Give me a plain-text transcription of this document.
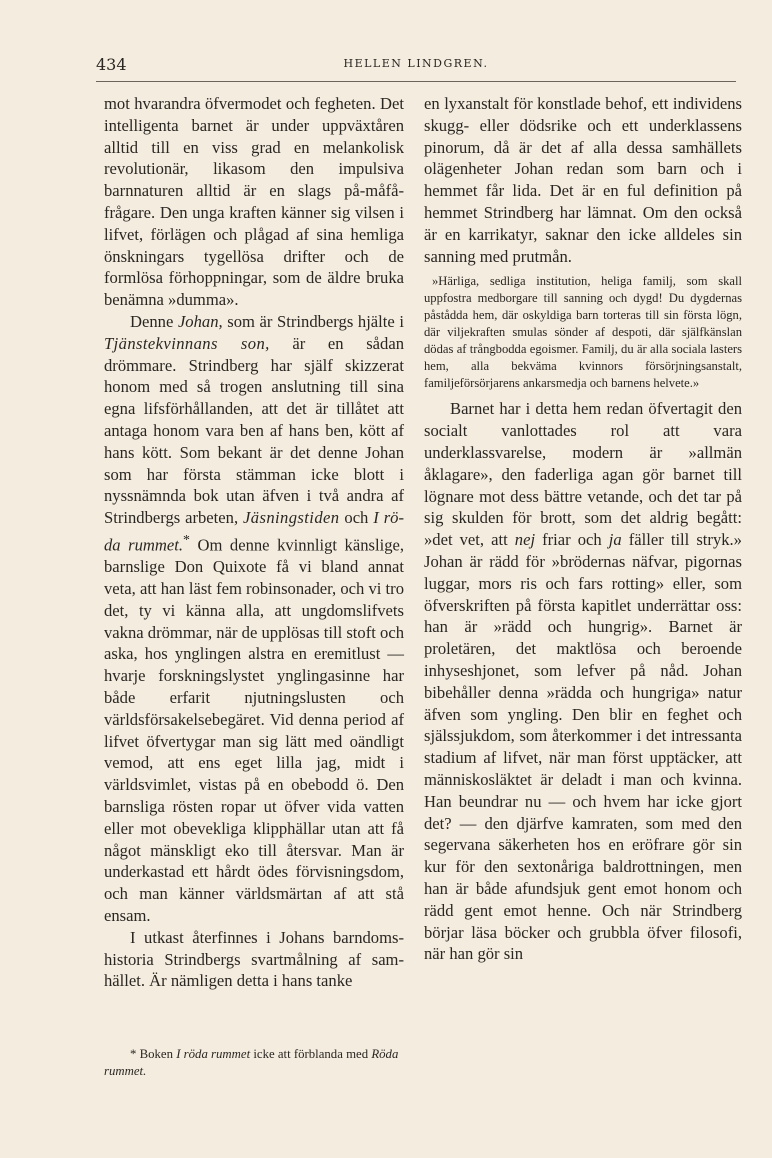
434	HELLEN LINDGREN.

mot hvarandra öfvermodet och fegheten. Det intelligenta barnet är under uppväxtåren alltid till en viss grad en melankolisk revolutionär, likasom den impulsiva barnnaturen alltid är en slags på-måfå-frågare. Den unga kraften känner sig vilsen i lifvet, förlägen och plågad af sina hemliga önskningars tygellösa drifter och de formlösa förhoppningar, som de äldre bruka benämna »dumma».

Denne Johan, som är Strindbergs hjälte i Tjänstekvinnans son, är en sådan drömmare. Strindberg har själf skizzerat honom med så trogen anslutning till sina egna lifsförhållanden, att det är tillåtet att antaga honom vara ben af hans ben, kött af hans kött. Som bekant är det denne Johan som har första stämman icke blott i nyssnämnda bok utan äfven i två andra af Strindbergs arbeten, Jäsningstiden och I röda rummet.* Om denne kvinnligt känslige, barnslige Don Quixote få vi bland annat veta, att han läst fem robinsonader, och vi tro det, ty vi känna alla, att ungdomslifvets vakna drömmar, när de upplösas till stoft och aska, hos ynglingen alstra en eremitlust — hvarje forskningslystet ynglingasinne har både erfarit njutningslusten och världsförsakelsebegäret. Vid denna period af lifvet öfvertygar man sig lätt med oändligt vemod, att ens eget lilla jag, midt i världsvimlet, vistas på en obebodd ö. Den barnsliga rösten ropar ut öfver vida vatten eller mot obevekliga klipphällar utan att få något mänskligt eko till återsvar. Man är underkastad ett hårdt ödes förvisningsdom, och man känner världsmärtan af att stå ensam.

I utkast återfinnes i Johans barndomshistoria Strindbergs svartmålning af samhället. Är nämligen detta i hans tanke

* Boken I röda rummet icke att förblanda med Röda rummet.

en lyxanstalt för konstlade behof, ett individens skugg- eller dödsrike och ett underklassens pinorum, då är det af alla dessa samhällets olägenheter Johan redan som barn och i hemmet får lida. Det är en ful definition på hemmet Strindberg har lämnat. Om den också är en karrikatyr, saknar den icke alldeles sin sanning med prutmån.

»Härliga, sedliga institution, heliga familj, som skall uppfostra medborgare till sanning och dygd! Du dygdernas påstådda hem, där oskyldiga barn torteras till sin första lögn, där viljekraften smulas sönder af despoti, där själfkänslan dödas af trångbodda egoismer. Familj, du är alla sociala lasters hem, alla bekväma kvinnors försörjningsanstalt, familjeförsörjarens ankarsmedja och barnens helvete.»

Barnet har i detta hem redan öfvertagit den socialt vanlottades rol att vara underklassvarelse, modern är »allmän åklagare», den faderliga agan gör barnet till lögnare mot dess bättre vetande, och det tar på sig skulden för brott, som det aldrig begått: »det vet, att nej friar och ja fäller till stryk.» Johan är rädd för »brödernas näfvar, pigornas luggar, mors ris och fars rotting» eller, som öfverskriften på första kapitlet underrättar oss: han är »rädd och hungrig». Barnet är proletären, det maktlösa och beroende inhyseshjonet, som lefver på nåd. Johan bibehåller denna »rädda och hungriga» natur äfven som yngling. Den blir en feghet och själssjukdom, som återkommer i det intressanta stadium af lifvet, när man först upptäcker, att människosläktet är deladt i man och kvinna. Han beundrar nu — och hvem har icke gjort det? — den djärfve kamraten, som med den segervana säkerheten hos en eröfrare gör sin kur för den sextonåriga baldrottningen, men han är både afundsjuk gent emot honom och rädd gent emot henne. Och när Strindberg börjar läsa böcker och grubbla öfver filosofi, när han gör sin
